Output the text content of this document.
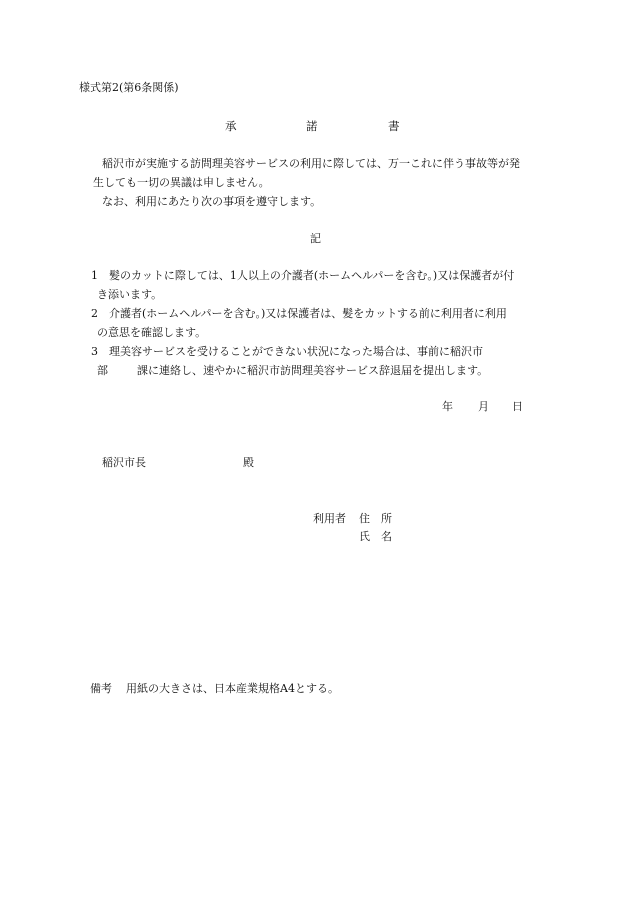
様式第2(第6条関係)

承	諾	書

稲沢市が実施する訪問理美容サービスの利用に際しては、万一これに伴う事故等が発

生しても一切の異議は申しません。

なお、利用にあたり次の事項を遵守します。

記

1　髪のカットに際しては、1人以上の介護者(ホームヘルパーを含む。)又は保護者が付

き添います。

2　介護者(ホームヘルパーを含む。)又は保護者は、髪をカットする前に利用者に利用

の意思を確認します。

3　理美容サービスを受けることができない状況になった場合は、事前に稲沢市

部	課に連絡し、速やかに稲沢市訪問理美容サービス辞退届を提出します。

年 月 日
稲沢市長	殿
利用者 住所
氏名
備考 用紙の大きさは、日本産業規格A4とする。
